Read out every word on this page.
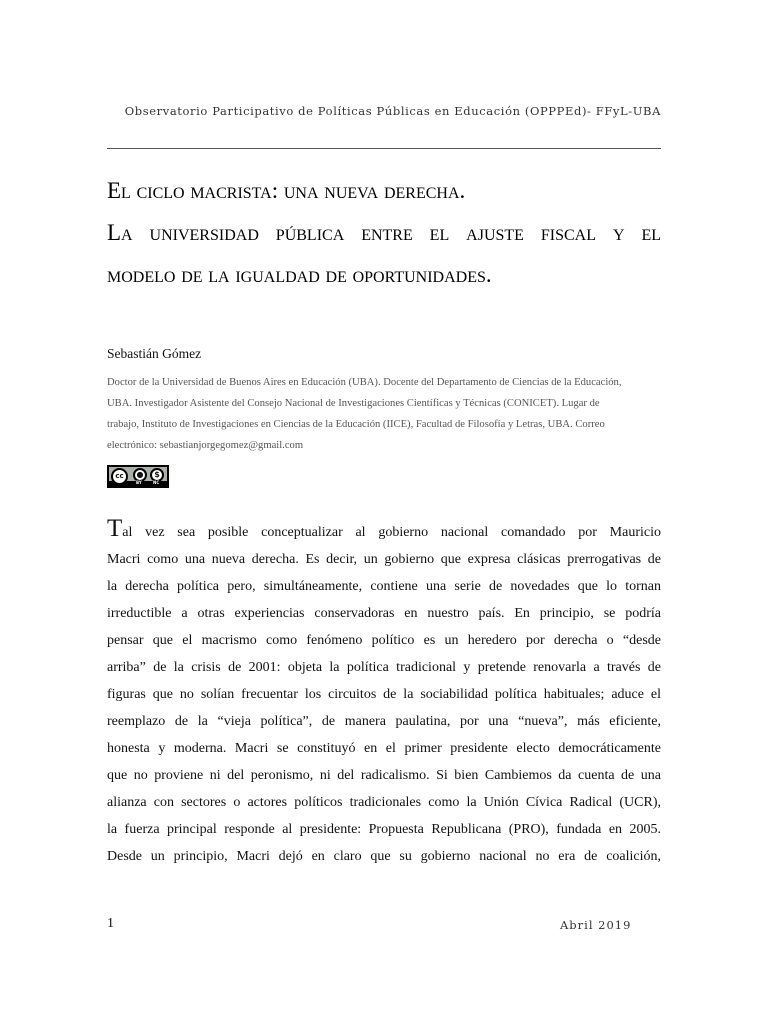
Observatorio Participativo de Políticas Públicas en Educación (OPPPEd)- FFyL-UBA
El ciclo macrista: una nueva derecha.
La universidad pública entre el ajuste fiscal y el
modelo de la igualdad de oportunidades.
Sebastián Gómez
Doctor de la Universidad de Buenos Aires en Educación (UBA). Docente del Departamento de Ciencias de la Educación,
UBA. Investigador Asistente del Consejo Nacional de Investigaciones Científicas y Técnicas (CONICET). Lugar de
trabajo, Instituto de Investigaciones en Ciencias de la Educación (IICE), Facultad de Filosofía y Letras, UBA. Correo
electrónico: sebastianjorgegomez@gmail.com
cc	●	$
BY	NC
Tal vez sea posible conceptualizar al gobierno nacional comandado por Mauricio
Macri como una nueva derecha. Es decir, un gobierno que expresa clásicas prerrogativas de
la derecha política pero, simultáneamente, contiene una serie de novedades que lo tornan
irreductible a otras experiencias conservadoras en nuestro país. En principio, se podría
pensar que el macrismo como fenómeno político es un heredero por derecha o “desde
arriba” de la crisis de 2001: objeta la política tradicional y pretende renovarla a través de
figuras que no solían frecuentar los circuitos de la sociabilidad política habituales; aduce el
reemplazo de la “vieja política”, de manera paulatina, por una “nueva”, más eficiente,
honesta y moderna. Macri se constituyó en el primer presidente electo democráticamente
que no proviene ni del peronismo, ni del radicalismo. Si bien Cambiemos da cuenta de una
alianza con sectores o actores políticos tradicionales como la Unión Cívica Radical (UCR),
la fuerza principal responde al presidente: Propuesta Republicana (PRO), fundada en 2005.
Desde un principio, Macri dejó en claro que su gobierno nacional no era de coalición,
1	Abril 2019
